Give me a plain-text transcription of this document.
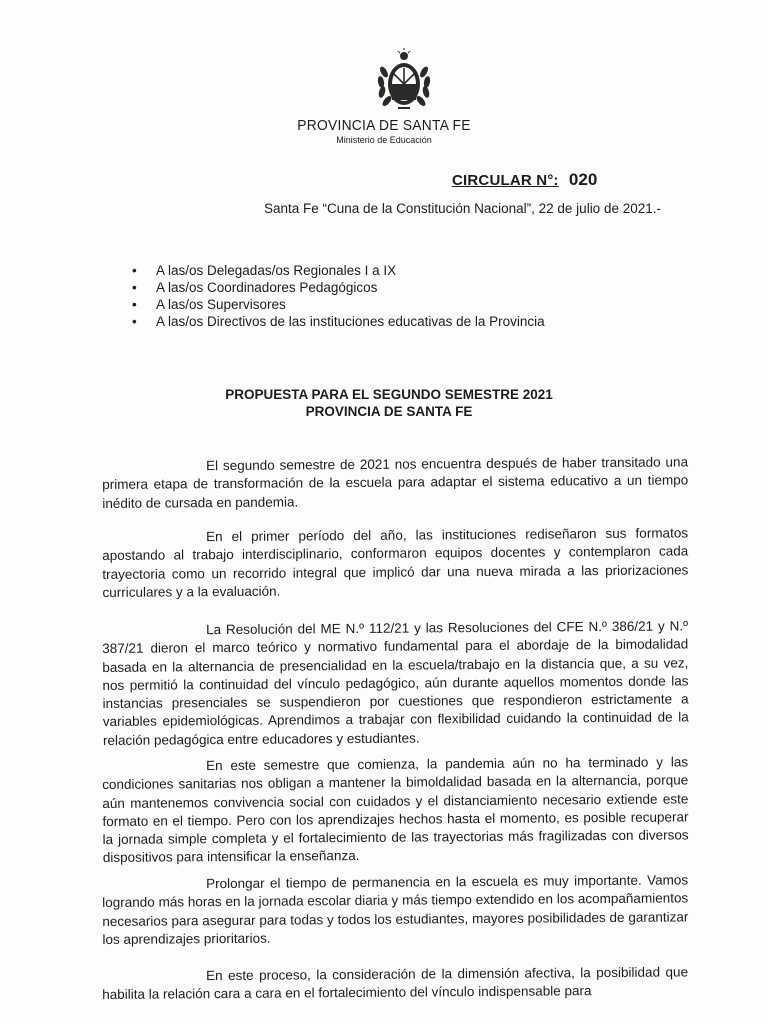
PROVINCIA DE SANTA FE
Ministerio de Educación
CIRCULAR N°: 020
Santa Fe “Cuna de la Constitución Nacional”, 22 de julio de 2021.-
• A las/os Delegadas/os Regionales I a IX
• A las/os Coordinadores Pedagógicos
• A las/os Supervisores
• A las/os Directivos de las instituciones educativas de la Provincia
PROPUESTA PARA EL SEGUNDO SEMESTRE 2021
PROVINCIA DE SANTA FE
El segundo semestre de 2021 nos encuentra después de haber transitado una primera etapa de transformación de la escuela para adaptar el sistema educativo a un tiempo inédito de cursada en pandemia.
En el primer período del año, las instituciones rediseñaron sus formatos apostando al trabajo interdisciplinario, conformaron equipos docentes y contemplaron cada trayectoria como un recorrido integral que implicó dar una nueva mirada a las priorizaciones curriculares y a la evaluación.
La Resolución del ME N.º 112/21 y las Resoluciones del CFE N.º 386/21 y N.º 387/21 dieron el marco teórico y normativo fundamental para el abordaje de la bimodalidad basada en la alternancia de presencialidad en la escuela/trabajo en la distancia que, a su vez, nos permitió la continuidad del vínculo pedagógico, aún durante aquellos momentos donde las instancias presenciales se suspendieron por cuestiones que respondieron estrictamente a variables epidemiológicas. Aprendimos a trabajar con flexibilidad cuidando la continuidad de la relación pedagógica entre educadores y estudiantes.
En este semestre que comienza, la pandemia aún no ha terminado y las condiciones sanitarias nos obligan a mantener la bimoldalidad basada en la alternancia, porque aún mantenemos convivencia social con cuidados y el distanciamiento necesario extiende este formato en el tiempo. Pero con los aprendizajes hechos hasta el momento, es posible recuperar la jornada simple completa y el fortalecimiento de las trayectorias más fragilizadas con diversos dispositivos para intensificar la enseñanza.
Prolongar el tiempo de permanencia en la escuela es muy importante. Vamos logrando más horas en la jornada escolar diaria y más tiempo extendido en los acompañamientos necesarios para asegurar para todas y todos los estudiantes, mayores posibilidades de garantizar los aprendizajes prioritarios.
En este proceso, la consideración de la dimensión afectiva, la posibilidad que habilita la relación cara a cara en el fortalecimiento del vínculo indispensable para
